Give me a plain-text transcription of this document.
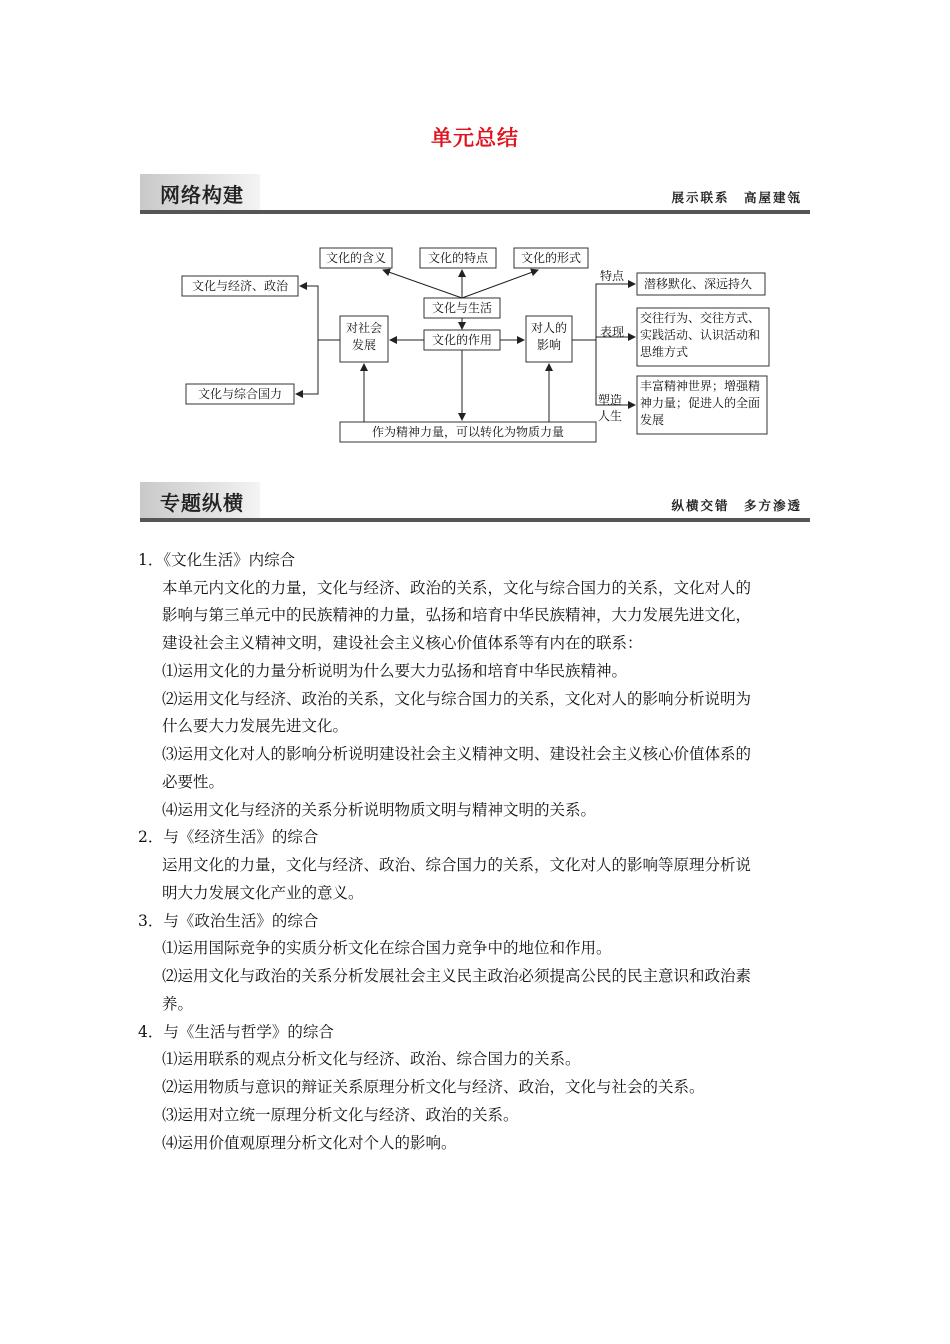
单元总结
网络构建	展示联系　高屋建瓴
文化的含义	文化的特点	文化的形式
文化与生活
文化的作用
文化与经济、政治
文化与综合国力
对社会发展
对人的影响
作为精神力量，可以转化为物质力量
特点
表现
塑造人生
潜移默化、深远持久
交往行为、交往方式、实践活动、认识活动和思维方式
丰富精神世界；增强精神力量；促进人的全面发展
专题纵横	纵横交错　多方渗透
1．《文化生活》内综合
本单元内文化的力量，文化与经济、政治的关系，文化与综合国力的关系，文化对人的
影响与第三单元中的民族精神的力量，弘扬和培育中华民族精神，大力发展先进文化，
建设社会主义精神文明，建设社会主义核心价值体系等有内在的联系：
⑴运用文化的力量分析说明为什么要大力弘扬和培育中华民族精神。
⑵运用文化与经济、政治的关系，文化与综合国力的关系，文化对人的影响分析说明为
什么要大力发展先进文化。
⑶运用文化对人的影响分析说明建设社会主义精神文明、建设社会主义核心价值体系的
必要性。
⑷运用文化与经济的关系分析说明物质文明与精神文明的关系。
2．与《经济生活》的综合
运用文化的力量，文化与经济、政治、综合国力的关系，文化对人的影响等原理分析说
明大力发展文化产业的意义。
3．与《政治生活》的综合
⑴运用国际竞争的实质分析文化在综合国力竞争中的地位和作用。
⑵运用文化与政治的关系分析发展社会主义民主政治必须提高公民的民主意识和政治素
养。
4．与《生活与哲学》的综合
⑴运用联系的观点分析文化与经济、政治、综合国力的关系。
⑵运用物质与意识的辩证关系原理分析文化与经济、政治，文化与社会的关系。
⑶运用对立统一原理分析文化与经济、政治的关系。
⑷运用价值观原理分析文化对个人的影响。
